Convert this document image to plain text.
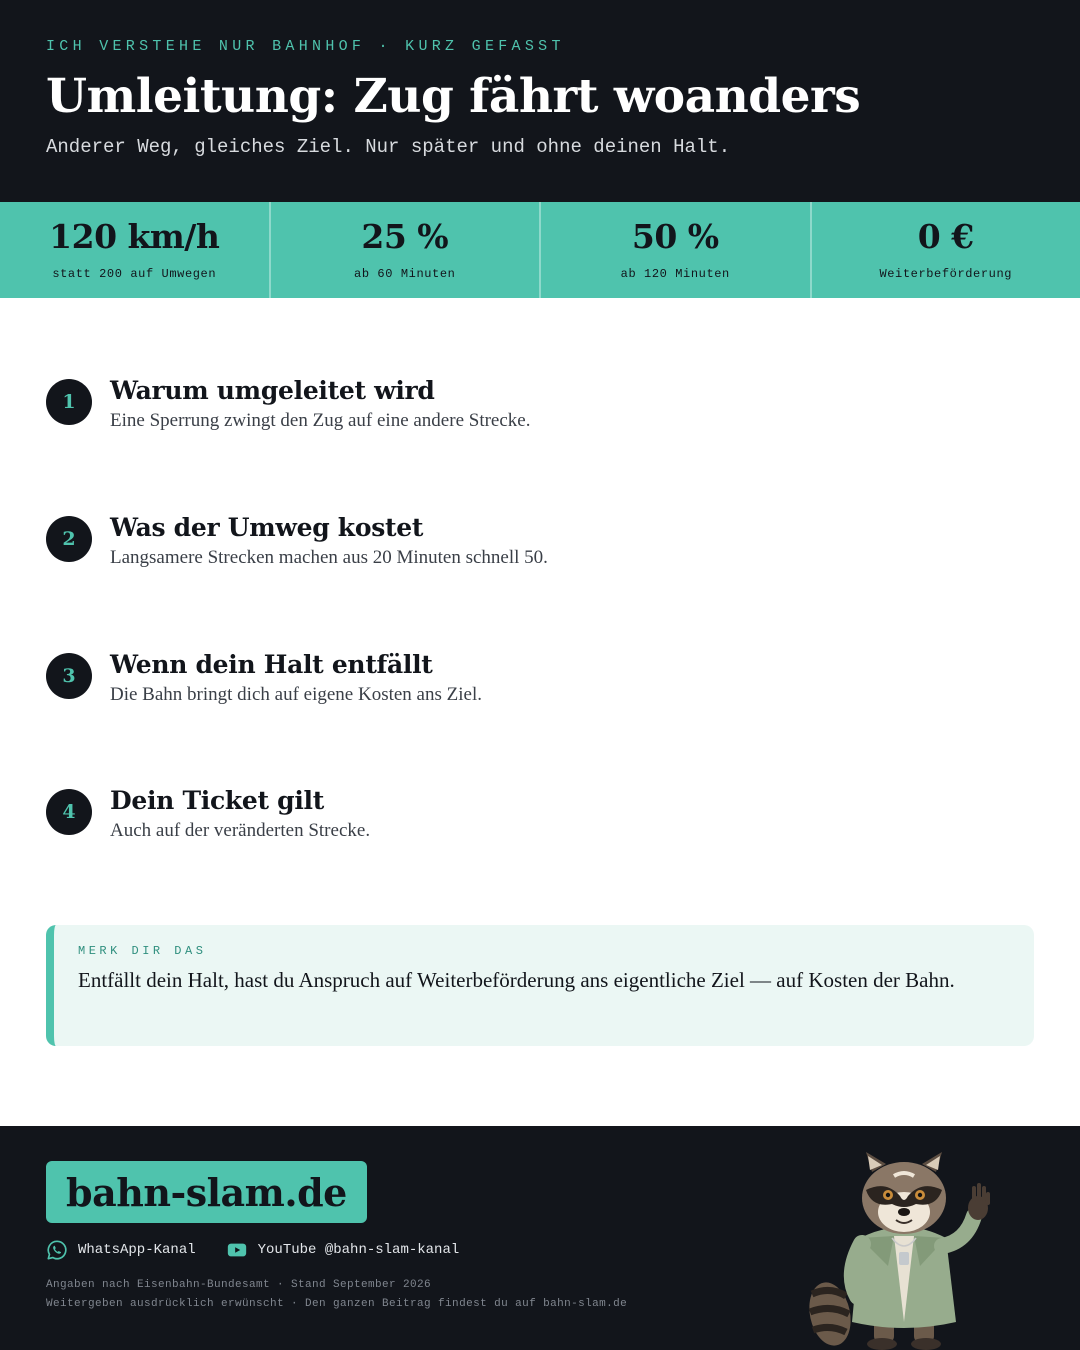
ICH VERSTEHE NUR BAHNHOF · KURZ GEFASST
Umleitung: Zug fährt woanders
Anderer Weg, gleiches Ziel. Nur später und ohne deinen Halt.
120 km/h
statt 200 auf Umwegen
25 %
ab 60 Minuten
50 %
ab 120 Minuten
0 €
Weiterbeförderung
1	Warum umgeleitet wird
Eine Sperrung zwingt den Zug auf eine andere Strecke.
2	Was der Umweg kostet
Langsamere Strecken machen aus 20 Minuten schnell 50.
3	Wenn dein Halt entfällt
Die Bahn bringt dich auf eigene Kosten ans Ziel.
4	Dein Ticket gilt
Auch auf der veränderten Strecke.
MERK DIR DAS
Entfällt dein Halt, hast du Anspruch auf Weiterbeförderung ans eigentliche Ziel — auf Kosten der Bahn.
bahn-slam.de
WhatsApp-Kanal	YouTube @bahn-slam-kanal
Angaben nach Eisenbahn-Bundesamt · Stand September 2026
Weitergeben ausdrücklich erwünscht · Den ganzen Beitrag findest du auf bahn-slam.de
